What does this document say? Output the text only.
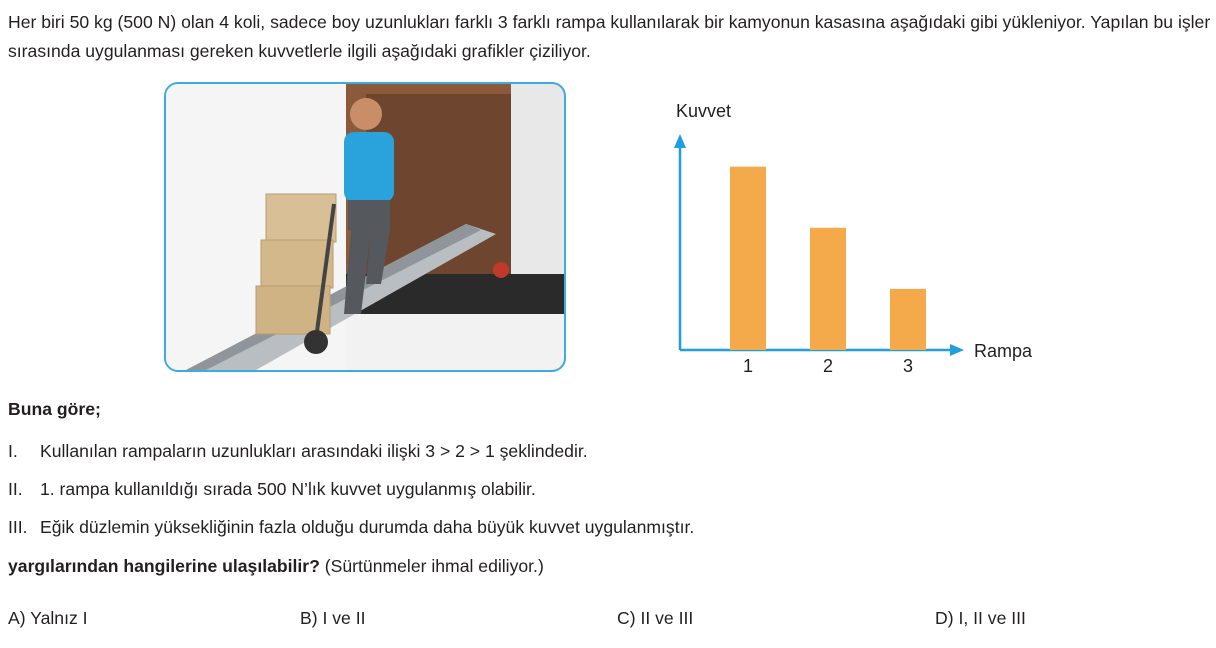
Her biri 50 kg (500 N) olan 4 koli, sadece boy uzunlukları farklı 3 farklı rampa kullanılarak bir kamyonun kasasına aşağıdaki gibi yükleniyor. Yapılan bu işler sırasında uygulanması gereken kuvvetlerle ilgili aşağıdaki grafikler çiziliyor.

Kuvvet
Rampa
1	2	3

Buna göre;

I. Kullanılan rampaların uzunlukları arasındaki ilişki 3 > 2 > 1 şeklindedir.

II. 1. rampa kullanıldığı sırada 500 N’lık kuvvet uygulanmış olabilir.

III. Eğik düzlemin yüksekliğinin fazla olduğu durumda daha büyük kuvvet uygulanmıştır.

yargılarından hangilerine ulaşılabilir? (Sürtünmeler ihmal ediliyor.)

A) Yalnız I	B) I ve II	C) II ve III	D) I, II ve III
